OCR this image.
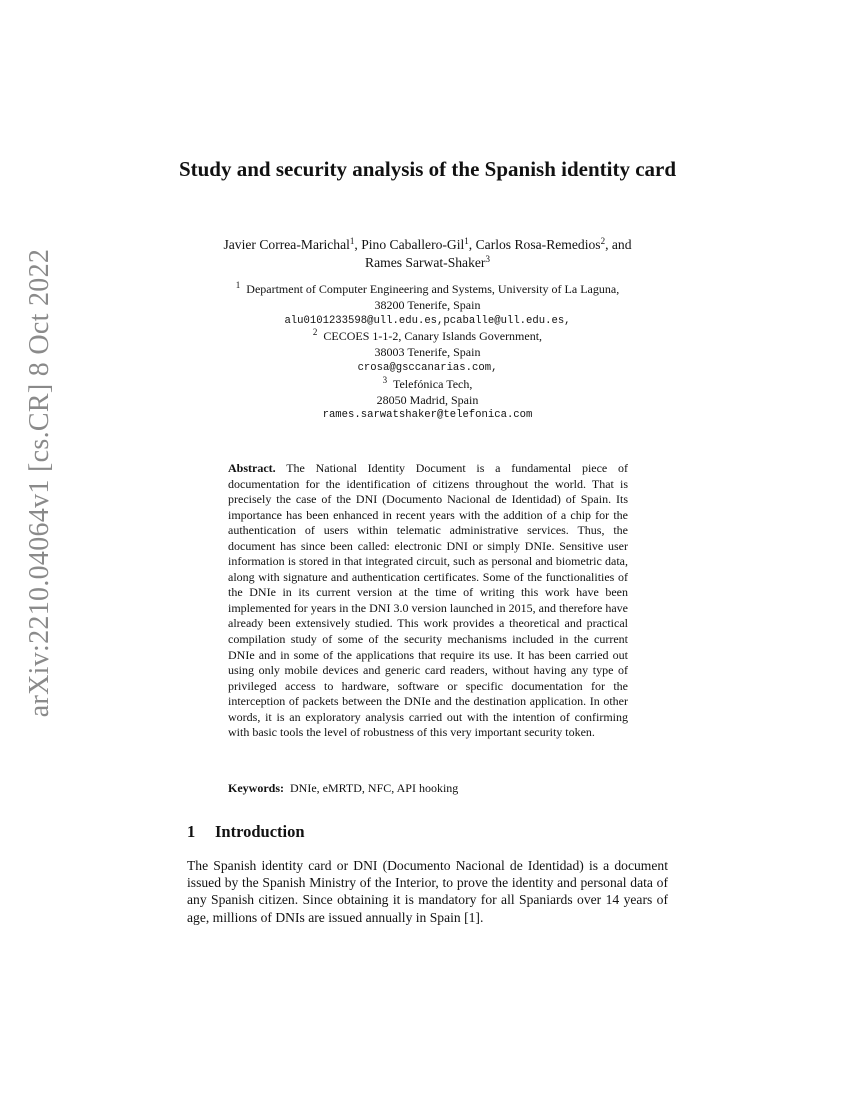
arXiv:2210.04064v1 [cs.CR] 8 Oct 2022
Study and security analysis of the Spanish identity card
Javier Correa-Marichal$^1$, Pino Caballero-Gil$^1$, Carlos Rosa-Remedios$^2$, and
Rames Sarwat-Shaker$^3$
$^1$ Department of Computer Engineering and Systems, University of La Laguna,
38200 Tenerife, Spain
alu0101233598@ull.edu.es,pcaballe@ull.edu.es,
$^2$ CECOES 1-1-2, Canary Islands Government,
38003 Tenerife, Spain
crosa@gsccanarias.com,
$^3$ Telefónica Tech,
28050 Madrid, Spain
rames.sarwatshaker@telefonica.com
Abstract. The National Identity Document is a fundamental piece of documentation for the identification of citizens throughout the world. That is precisely the case of the DNI (Documento Nacional de Identidad) of Spain. Its importance has been enhanced in recent years with the addition of a chip for the authentication of users within telematic administrative services. Thus, the document has since been called: electronic DNI or simply DNIe. Sensitive user information is stored in that integrated circuit, such as personal and biometric data, along with signature and authentication certificates. Some of the functionalities of the DNIe in its current version at the time of writing this work have been implemented for years in the DNI 3.0 version launched in 2015, and therefore have already been extensively studied. This work provides a theoretical and practical compilation study of some of the security mechanisms included in the current DNIe and in some of the applications that require its use. It has been carried out using only mobile devices and generic card readers, without having any type of privileged access to hardware, software or specific documentation for the interception of packets between the DNIe and the destination application. In other words, it is an exploratory analysis carried out with the intention of confirming with basic tools the level of robustness of this very important security token.
Keywords: DNIe, eMRTD, NFC, API hooking
1 Introduction
The Spanish identity card or DNI (Documento Nacional de Identidad) is a document issued by the Spanish Ministry of the Interior, to prove the identity and personal data of any Spanish citizen. Since obtaining it is mandatory for all Spaniards over 14 years of age, millions of DNIs are issued annually in Spain [1].
